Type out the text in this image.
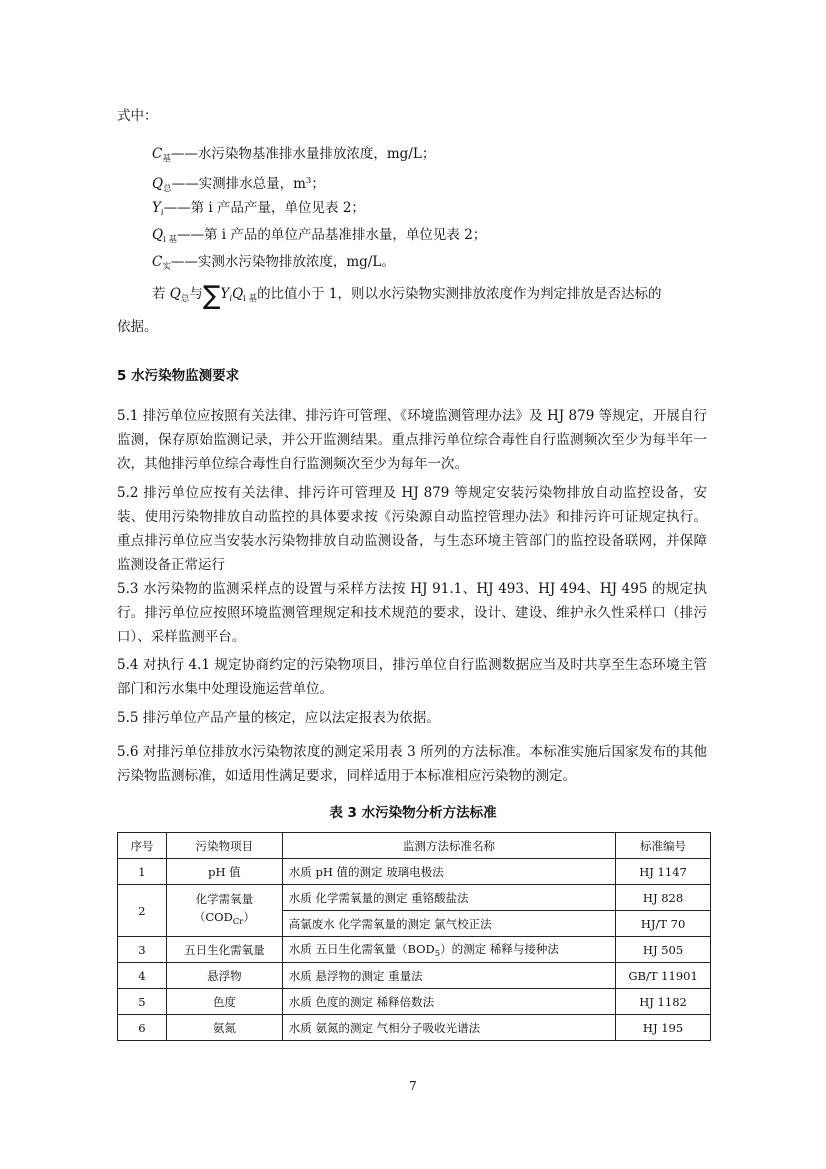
式中：
$C_基——$水污染物基准排水量排放浓度，mg/L；
$Q_总——$实测排水总量，$m^3$；
$Y_i——$第 i 产品产量，单位见表 2；
$Q_{i 基}——$第 i 产品的单位产品基准排水量，单位见表 2；
$C_实——$实测水污染物排放浓度，mg/L。
若 $Q_总$与$\sum Y_iQ_{i 基}$的比值小于 1，则以水污染物实测排放浓度作为判定排放是否达标的
依据。
5 水污染物监测要求
5.1 排污单位应按照有关法律、排污许可管理、《环境监测管理办法》及 HJ 879 等规定，开展自行监测，保存原始监测记录，并公开监测结果。重点排污单位综合毒性自行监测频次至少为每半年一次，其他排污单位综合毒性自行监测频次至少为每年一次。
5.2 排污单位应按有关法律、排污许可管理及 HJ 879 等规定安装污染物排放自动监控设备，安装、使用污染物排放自动监控的具体要求按《污染源自动监控管理办法》和排污许可证规定执行。重点排污单位应当安装水污染物排放自动监测设备，与生态环境主管部门的监控设备联网，并保障监测设备正常运行
5.3 水污染物的监测采样点的设置与采样方法按 HJ 91.1、HJ 493、HJ 494、HJ 495 的规定执行。排污单位应按照环境监测管理规定和技术规范的要求，设计、建设、维护永久性采样口（排污口）、采样监测平台。
5.4 对执行 4.1 规定协商约定的污染物项目，排污单位自行监测数据应当及时共享至生态环境主管部门和污水集中处理设施运营单位。
5.5 排污单位产品产量的核定，应以法定报表为依据。
5.6 对排污单位排放水污染物浓度的测定采用表 3 所列的方法标准。本标准实施后国家发布的其他污染物监测标准，如适用性满足要求，同样适用于本标准相应污染物的测定。
表 3 水污染物分析方法标准
序号	污染物项目	监测方法标准名称	标准编号
1	pH 值	水质 pH 值的测定 玻璃电极法	HJ 1147
2	化学需氧量
$(COD_{Cr})$	水质 化学需氧量的测定 重铬酸盐法	HJ 828
		高氯废水 化学需氧量的测定 氯气校正法	HJ/T 70
3	五日生化需氧量	水质 五日生化需氧量$(BOD_5)$的测定 稀释与接种法	HJ 505
4	悬浮物	水质 悬浮物的测定 重量法	GB/T 11901
5	色度	水质 色度的测定 稀释倍数法	HJ 1182
6	氨氮	水质 氨氮的测定 气相分子吸收光谱法	HJ 195
7
